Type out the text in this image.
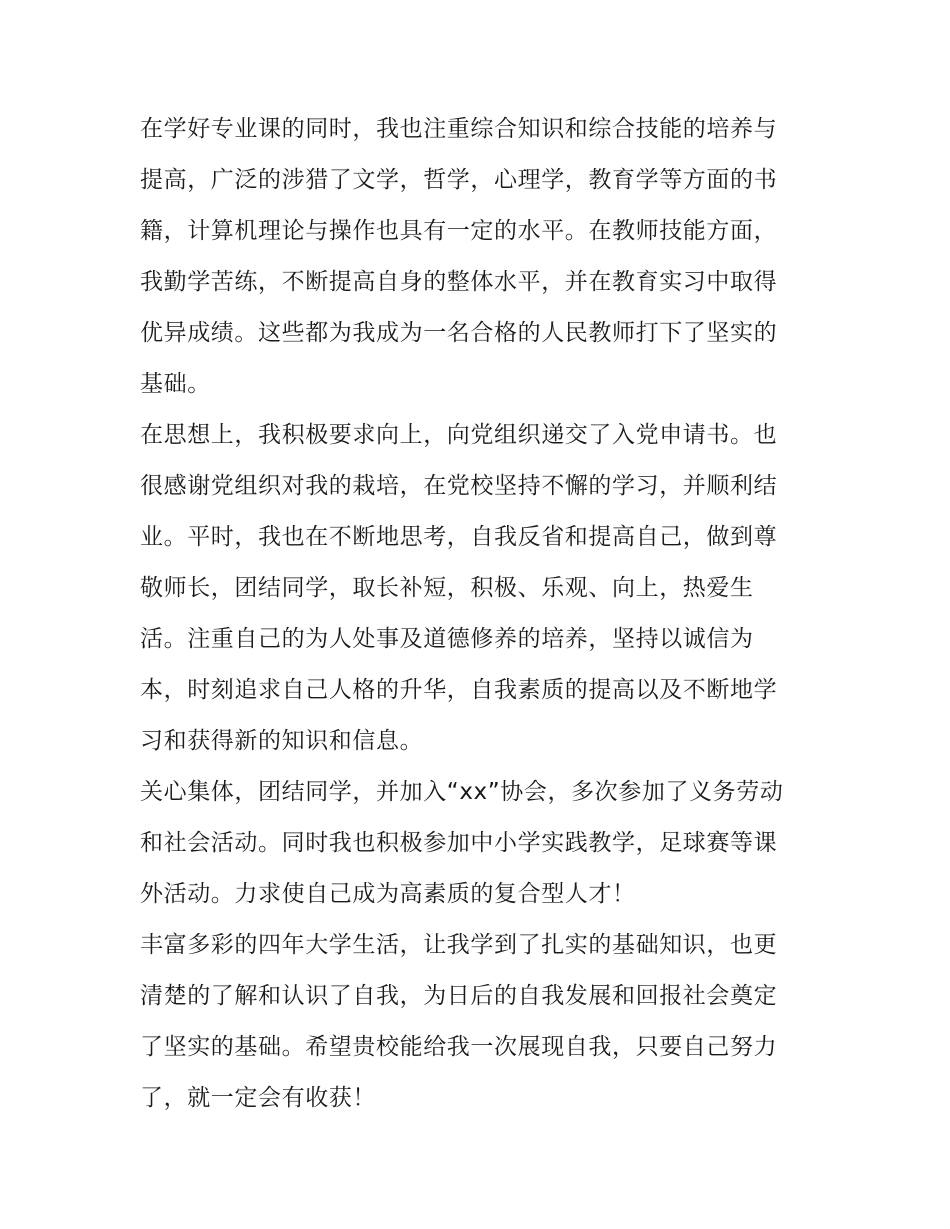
在学好专业课的同时，我也注重综合知识和综合技能的培养与
提高，广泛的涉猎了文学，哲学，心理学，教育学等方面的书
籍，计算机理论与操作也具有一定的水平。在教师技能方面，
我勤学苦练，不断提高自身的整体水平，并在教育实习中取得
优异成绩。这些都为我成为一名合格的人民教师打下了坚实的
基础。
在思想上，我积极要求向上，向党组织递交了入党申请书。也
很感谢党组织对我的栽培，在党校坚持不懈的学习，并顺利结
业。平时，我也在不断地思考，自我反省和提高自己，做到尊
敬师长，团结同学，取长补短，积极、乐观、向上，热爱生
活。注重自己的为人处事及道德修养的培养，坚持以诚信为
本，时刻追求自己人格的升华，自我素质的提高以及不断地学
习和获得新的知识和信息。
关心集体，团结同学，并加入“xx”协会，多次参加了义务劳动
和社会活动。同时我也积极参加中小学实践教学，足球赛等课
外活动。力求使自己成为高素质的复合型人才！
丰富多彩的四年大学生活，让我学到了扎实的基础知识，也更
清楚的了解和认识了自我，为日后的自我发展和回报社会奠定
了坚实的基础。希望贵校能给我一次展现自我，只要自己努力
了，就一定会有收获！
